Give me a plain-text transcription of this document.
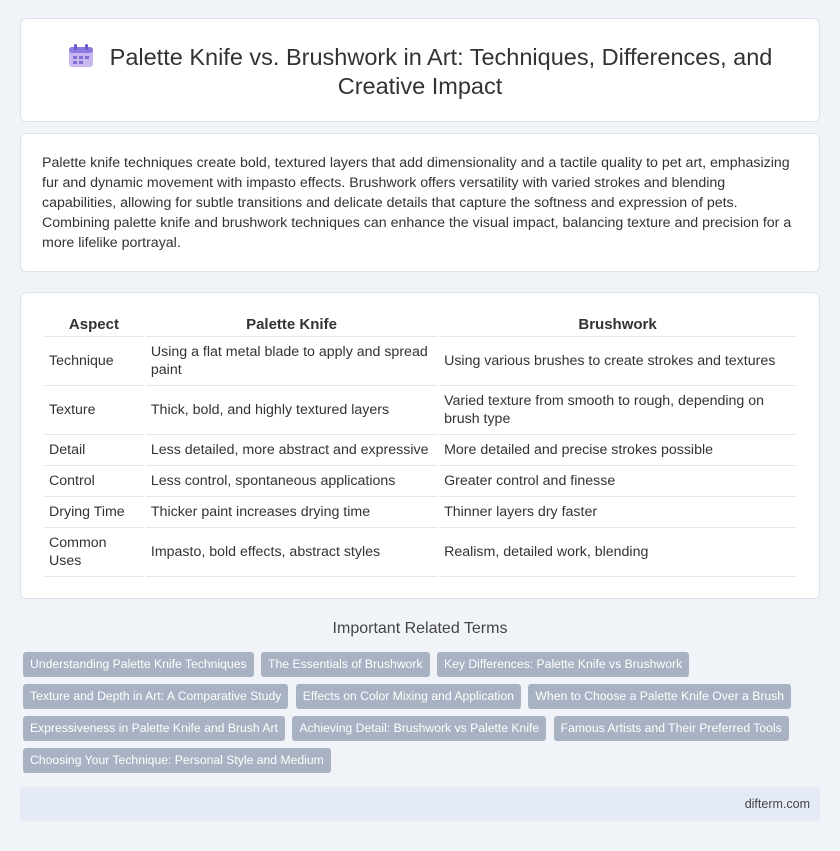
Palette Knife vs. Brushwork in Art: Techniques, Differences, and Creative Impact

Palette knife techniques create bold, textured layers that add dimensionality and a tactile quality to pet art, emphasizing fur and dynamic movement with impasto effects. Brushwork offers versatility with varied strokes and blending capabilities, allowing for subtle transitions and delicate details that capture the softness and expression of pets. Combining palette knife and brushwork techniques can enhance the visual impact, balancing texture and precision for a more lifelike portrayal.

Aspect	Palette Knife	Brushwork
Technique	Using a flat metal blade to apply and spread paint	Using various brushes to create strokes and textures
Texture	Thick, bold, and highly textured layers	Varied texture from smooth to rough, depending on brush type
Detail	Less detailed, more abstract and expressive	More detailed and precise strokes possible
Control	Less control, spontaneous applications	Greater control and finesse
Drying Time	Thicker paint increases drying time	Thinner layers dry faster
Common Uses	Impasto, bold effects, abstract styles	Realism, detailed work, blending
Important Related Terms
Understanding Palette Knife Techniques The Essentials of Brushwork Key Differences: Palette Knife vs Brushwork Texture and Depth in Art: A Comparative Study Effects on Color Mixing and Application When to Choose a Palette Knife Over a Brush Expressiveness in Palette Knife and Brush Art Achieving Detail: Brushwork vs Palette Knife Famous Artists and Their Preferred Tools Choosing Your Technique: Personal Style and Medium
difterm.com
